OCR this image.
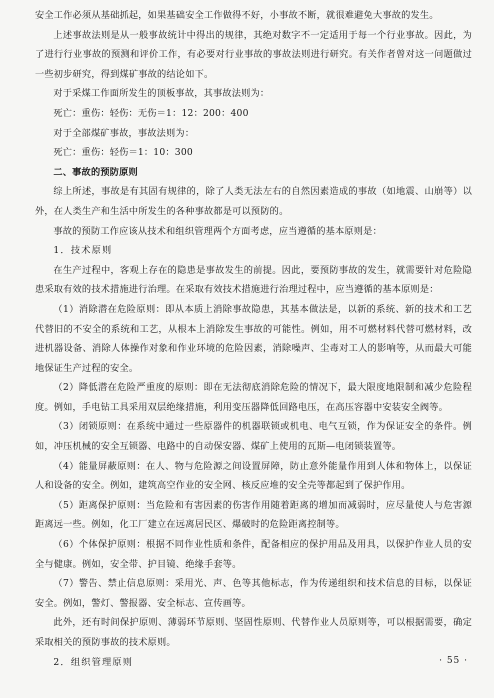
安全工作必须从基础抓起，如果基础安全工作做得不好，小事故不断，就很难避免大事故的发生。

上述事故法则是从一般事故统计中得出的规律，其绝对数字不一定适用于每一个行业事故。因此，为了进行行业事故的预测和评价工作，有必要对行业事故的事故法则进行研究。有关作者曾对这一问题做过一些初步研究，得到煤矿事故的结论如下。

对于采煤工作面所发生的顶板事故，其事故法则为：

死亡：重伤：轻伤：无伤＝1：12：200：400

对于全部煤矿事故，事故法则为：

死亡：重伤：轻伤＝1：10：300

二、事故的预防原则

综上所述，事故是有其固有规律的，除了人类无法左右的自然因素造成的事故（如地震、山崩等）以外，在人类生产和生活中所发生的各种事故都是可以预防的。

事故的预防工作应该从技术和组织管理两个方面考虑，应当遵循的基本原则是：

1．技术原则

在生产过程中，客观上存在的隐患是事故发生的前提。因此，要预防事故的发生，就需要针对危险隐患采取有效的技术措施进行治理。在采取有效技术措施进行治理过程中，应当遵循的基本原则是：

（1）消除潜在危险原则：即从本质上消除事故隐患，其基本做法是，以新的系统、新的技术和工艺代替旧的不安全的系统和工艺，从根本上消除发生事故的可能性。例如，用不可燃材料代替可燃材料，改进机器设备、消除人体操作对象和作业环境的危险因素，消除噪声、尘毒对工人的影响等，从而最大可能地保证生产过程的安全。

（2）降低潜在危险严重度的原则：即在无法彻底消除危险的情况下，最大限度地限制和减少危险程度。例如，手电钻工具采用双层绝缘措施，利用变压器降低回路电压，在高压容器中安装安全阀等。

（3）闭锁原则：在系统中通过一些原器件的机器联锁或机电、电气互锁，作为保证安全的条件。例如，冲压机械的安全互锁器、电路中的自动保安器、煤矿上使用的瓦斯—电闭锁装置等。

（4）能量屏蔽原则：在人、物与危险源之间设置屏障，防止意外能量作用到人体和物体上，以保证人和设备的安全。例如，建筑高空作业的安全网、核反应堆的安全壳等都起到了保护作用。

（5）距离保护原则：当危险和有害因素的伤害作用随着距离的增加而减弱时，应尽量使人与危害源距离远一些。例如，化工厂建立在远离居民区、爆破时的危险距离控制等。

（6）个体保护原则：根据不同作业性质和条件，配备相应的保护用品及用具，以保护作业人员的安全与健康。例如，安全带、护目镜、绝缘手套等。

（7）警告、禁止信息原则：采用光、声、色等其他标志，作为传递组织和技术信息的目标，以保证安全。例如，警灯、警报器、安全标志、宣传画等。

此外，还有时间保护原则、薄弱环节原则、坚固性原则、代替作业人员原则等，可以根据需要，确定采取相关的预防事故的技术原则。

2．组织管理原则	· 55 ·
